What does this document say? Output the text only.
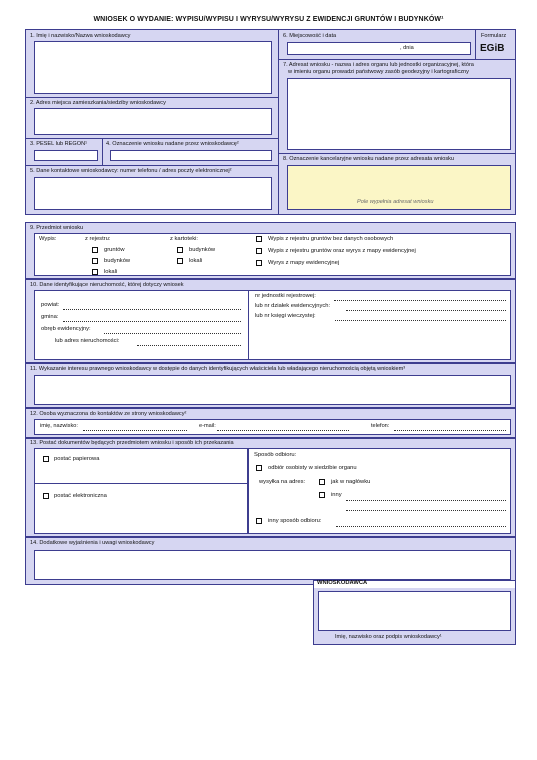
WNIOSEK O WYDANIE: WYPISU/WYPISU I WYRYSU/WYRYSU Z EWIDENCJI GRUNTÓW I BUDYNKÓW¹
1. Imię i nazwisko/Nazwa wnioskodawcy
2. Adres miejsca zamieszkania/siedziby wnioskodawcy
3. PESEL lub REGON¹	4. Oznaczenie wniosku nadane przez wnioskodawcę²
5. Dane kontaktowe wnioskodawcy: numer telefonu / adres poczty elektronicznej²
6. Miejscowość i data
, dnia
Formularz
EGiB
7. Adresat wniosku - nazwa i adres organu lub jednostki organizacyjnej, która
w imieniu organu prowadzi państwowy zasób geodezyjny i kartograficzny
8. Oznaczenie kancelaryjne wniosku nadane przez adresata wniosku
Pole wypełnia adresat wniosku
9. Przedmiot wniosku
Wypis:	z rejestru:	z kartoteki:
gruntów
budynków
lokali
budynków
lokali
Wypis z rejestru gruntów bez danych osobowych
Wypis z rejestru gruntów oraz wyrys z mapy ewidencyjnej
Wyrys z mapy ewidencyjnej
10. Dane identyfikujące nieruchomość, której dotyczy wniosek
powiat:
gmina:
obręb ewidencyjny:
lub adres nieruchomości:
nr jednostki rejestrowej:
lub nr działek ewidencyjnych:
lub nr księgi wieczystej:
11. Wykazanie interesu prawnego wnioskodawcy w dostępie do danych identyfikujących właściciela lub władającego nieruchomością objętą wnioskiem³
12. Osoba wyznaczona do kontaktów ze strony wnioskodawcy²
imię, nazwisko:	e-mail:	telefon:
13. Postać dokumentów będących przedmiotem wniosku i sposób ich przekazania
postać papierowa
postać elektroniczna
Sposób odbioru:
odbiór osobisty w siedzibie organu
wysyłka na adres:	jak w nagłówku
inny
inny sposób odbioru:
14. Dodatkowe wyjaśnienia i uwagi wnioskodawcy
WNIOSKODAWCA
Imię, nazwisko oraz podpis wnioskodawcy¹
